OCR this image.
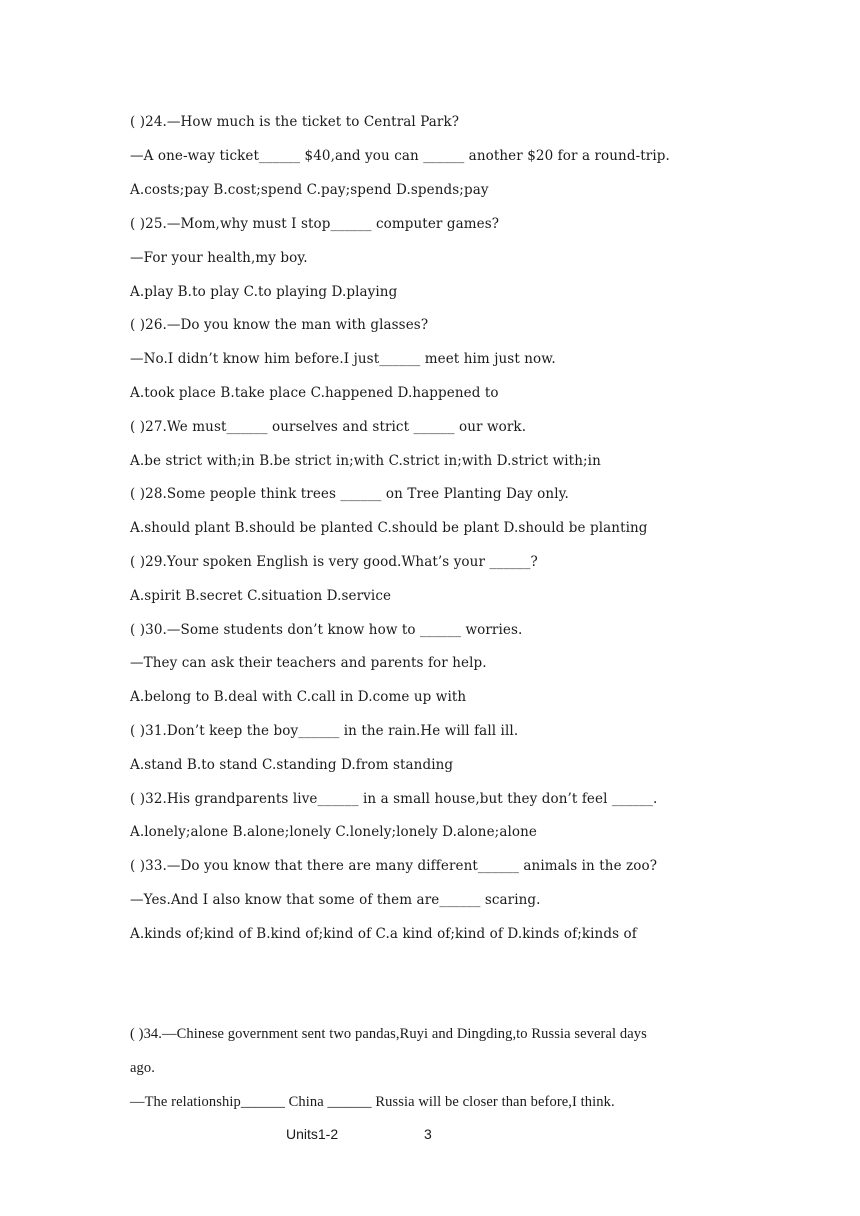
( )24.—How much is the ticket to Central Park?
—A one-way ticket______ $40,and you can ______ another $20 for a round-trip.
A.costs;pay B.cost;spend C.pay;spend D.spends;pay
( )25.—Mom,why must I stop______ computer games?
—For your health,my boy.
A.play B.to play C.to playing D.playing
( )26.—Do you know the man with glasses?
—No.I didn’t know him before.I just______ meet him just now.
A.took place B.take place C.happened D.happened to
( )27.We must______ ourselves and strict ______ our work.
A.be strict with;in B.be strict in;with C.strict in;with D.strict with;in
( )28.Some people think trees ______ on Tree Planting Day only.
A.should plant B.should be planted C.should be plant D.should be planting
( )29.Your spoken English is very good.What’s your ______?
A.spirit B.secret C.situation D.service
( )30.—Some students don’t know how to ______ worries.
—They can ask their teachers and parents for help.
A.belong to B.deal with C.call in D.come up with
( )31.Don’t keep the boy______ in the rain.He will fall ill.
A.stand B.to stand C.standing D.from standing
( )32.His grandparents live______ in a small house,but they don’t feel ______.
A.lonely;alone B.alone;lonely C.lonely;lonely D.alone;alone
( )33.—Do you know that there are many different______ animals in the zoo?
—Yes.And I also know that some of them are______ scaring.
A.kinds of;kind of B.kind of;kind of C.a kind of;kind of D.kinds of;kinds of
( )34.—Chinese government sent two pandas,Ruyi and Dingding,to Russia several days
ago.
—The relationship______ China ______ Russia will be closer than before,I think.
Units1-2	3
